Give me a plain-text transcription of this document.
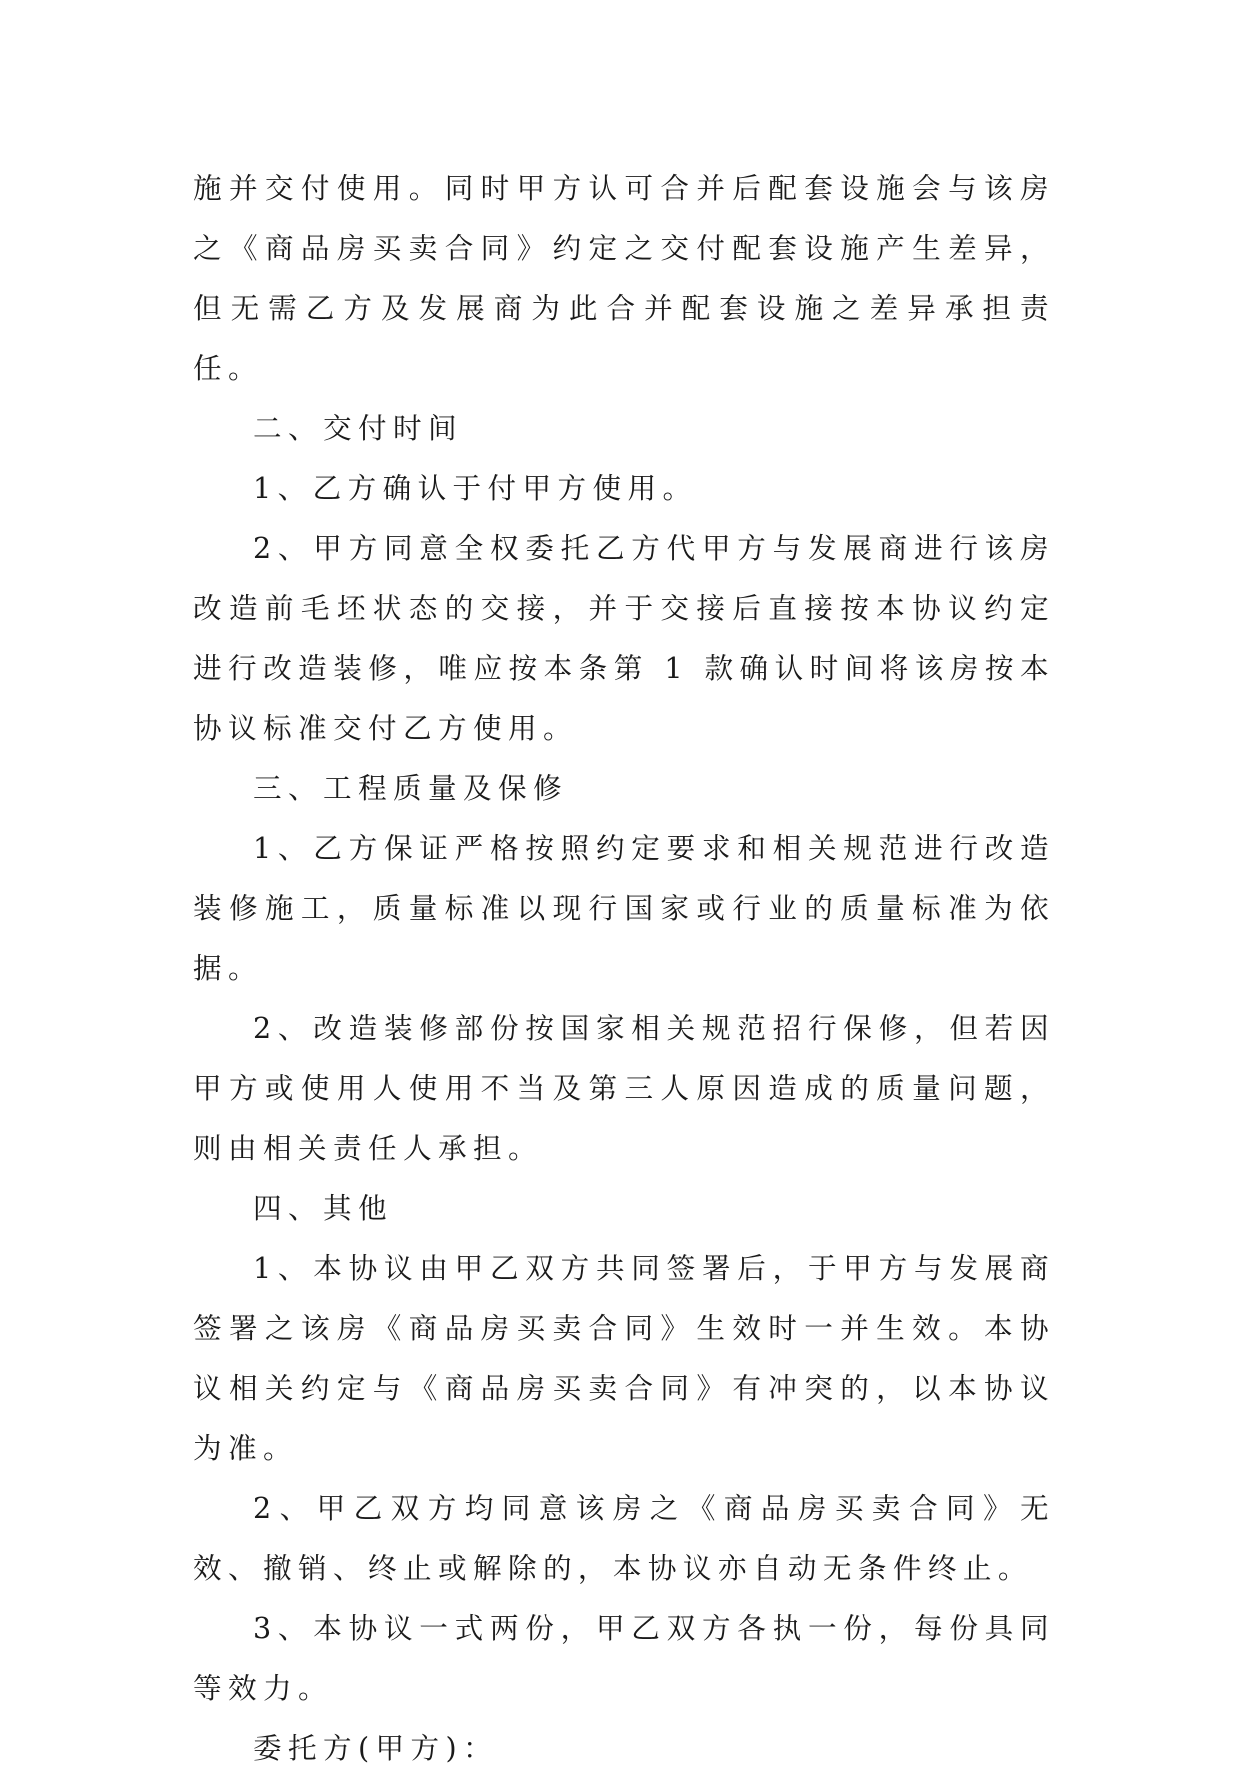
施并交付使用。同时甲方认可合并后配套设施会与该房之《商品房买卖合同》约定之交付配套设施产生差异，但无需乙方及发展商为此合并配套设施之差异承担责任。

二、交付时间

1、乙方确认于付甲方使用。

2、甲方同意全权委托乙方代甲方与发展商进行该房改造前毛坯状态的交接，并于交接后直接按本协议约定进行改造装修，唯应按本条第 1 款确认时间将该房按本协议标准交付乙方使用。

三、工程质量及保修

1、乙方保证严格按照约定要求和相关规范进行改造装修施工，质量标准以现行国家或行业的质量标准为依据。

2、改造装修部份按国家相关规范招行保修，但若因甲方或使用人使用不当及第三人原因造成的质量问题，则由相关责任人承担。

四、其他

1、本协议由甲乙双方共同签署后，于甲方与发展商签署之该房《商品房买卖合同》生效时一并生效。本协议相关约定与《商品房买卖合同》有冲突的，以本协议为准。

2、甲乙双方均同意该房之《商品房买卖合同》无效、撤销、终止或解除的，本协议亦自动无条件终止。

3、本协议一式两份，甲乙双方各执一份，每份具同等效力。

委托方(甲方)：
